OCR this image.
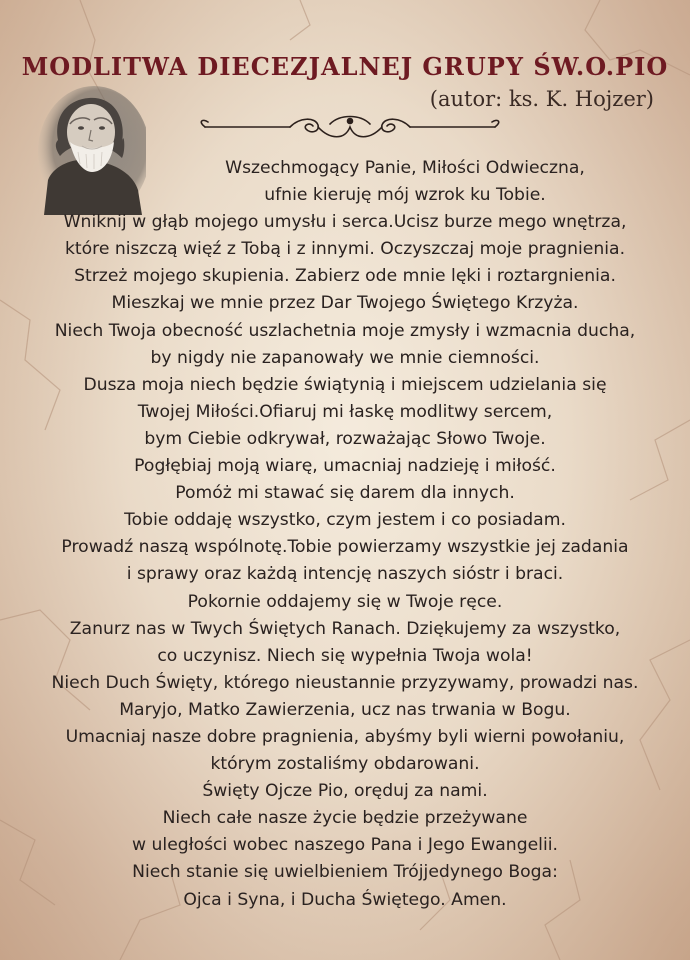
MODLITWA DIECEZJALNEJ GRUPY ŚW.O.PIO

(autor: ks. K. Hojzer)

Wszechmogący Panie, Miłości Odwieczna,
ufnie kieruję mój wzrok ku Tobie.
Wniknij w głąb mojego umysłu i serca.Ucisz burze mego wnętrza,
które niszczą więź z Tobą i z innymi. Oczyszczaj moje pragnienia.
Strzeż mojego skupienia. Zabierz ode mnie lęki i roztargnienia.
Mieszkaj we mnie przez Dar Twojego Świętego Krzyża.
Niech Twoja obecność uszlachetnia moje zmysły i wzmacnia ducha,
by nigdy nie zapanowały we mnie ciemności.
Dusza moja niech będzie świątynią i miejscem udzielania się
Twojej Miłości.Ofiaruj mi łaskę modlitwy sercem,
bym Ciebie odkrywał, rozważając Słowo Twoje.
Pogłębiaj moją wiarę, umacniaj nadzieję i miłość.
Pomóż mi stawać się darem dla innych.
Tobie oddaję wszystko, czym jestem i co posiadam.
Prowadź naszą wspólnotę.Tobie powierzamy wszystkie jej zadania
i sprawy oraz każdą intencję naszych sióstr i braci.
Pokornie oddajemy się w Twoje ręce.
Zanurz nas w Twych Świętych Ranach. Dziękujemy za wszystko,
co uczynisz. Niech się wypełnia Twoja wola!
Niech Duch Święty, którego nieustannie przyzywamy, prowadzi nas.
Maryjo, Matko Zawierzenia, ucz nas trwania w Bogu.
Umacniaj nasze dobre pragnienia, abyśmy byli wierni powołaniu,
którym zostaliśmy obdarowani.
Święty Ojcze Pio, oręduj za nami.
Niech całe nasze życie będzie przeżywane
w uległości wobec naszego Pana i Jego Ewangelii.
Niech stanie się uwielbieniem Trójjedynego Boga:
Ojca i Syna, i Ducha Świętego. Amen.
